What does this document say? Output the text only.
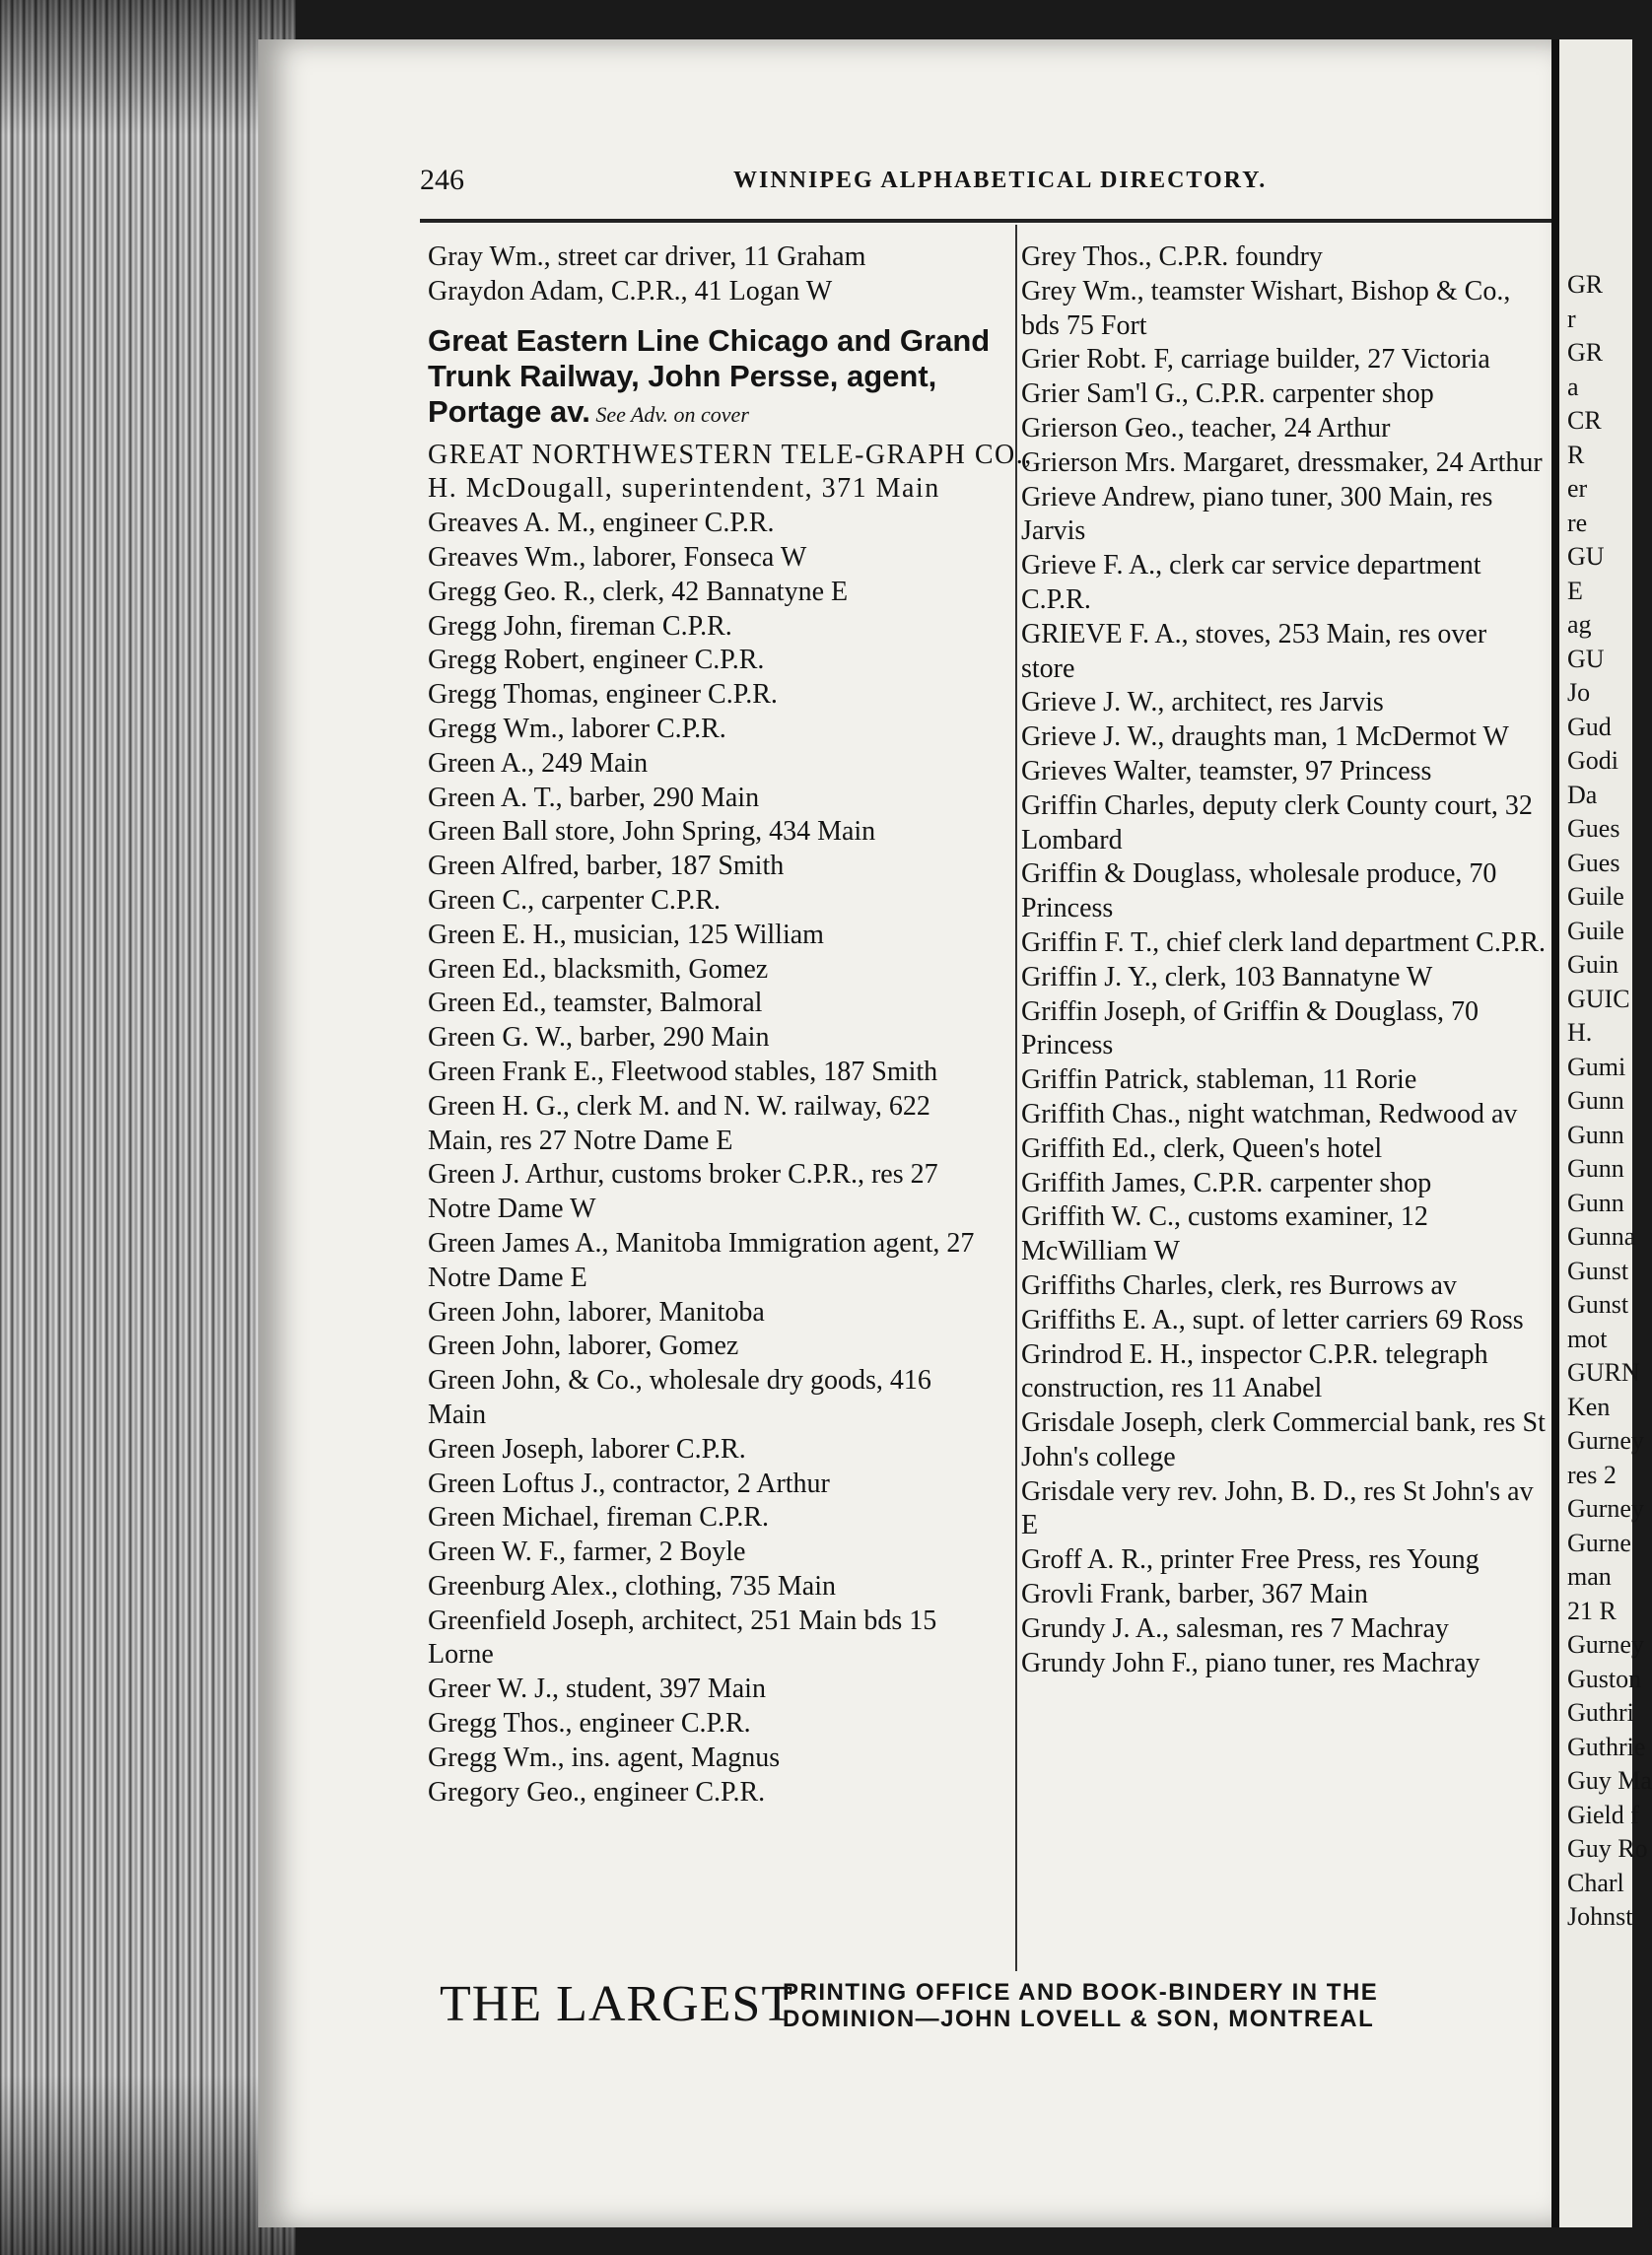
246	WINNIPEG ALPHABETICAL DIRECTORY.
Gray Wm., street car driver, 11 Graham
Graydon Adam, C.P.R., 41 Logan W
Great Eastern Line Chicago and Grand
Trunk Railway, John Persse, agent,
Portage av. See Adv. on cover
GREAT NORTHWESTERN TELE-GRAPH CO.,
H. McDougall, superintendent, 371 Main
Greaves A. M., engineer C.P.R.
Greaves Wm., laborer, Fonseca W
Gregg Geo. R., clerk, 42 Bannatyne E
Gregg John, fireman C.P.R.
Gregg Robert, engineer C.P.R.
Gregg Thomas, engineer C.P.R.
Gregg Wm., laborer C.P.R.
Green A., 249 Main
Green A. T., barber, 290 Main
Green Ball store, John Spring, 434 Main
Green Alfred, barber, 187 Smith
Green C., carpenter C.P.R.
Green E. H., musician, 125 William
Green Ed., blacksmith, Gomez
Green Ed., teamster, Balmoral
Green G. W., barber, 290 Main
Green Frank E., Fleetwood stables, 187 Smith
Green H. G., clerk M. and N. W. railway, 622
Main, res 27 Notre Dame E
Green J. Arthur, customs broker C.P.R., res 27
Notre Dame W
Green James A., Manitoba Immigration agent, 27
Notre Dame E
Green John, laborer, Manitoba
Green John, laborer, Gomez
Green John, & Co., wholesale dry goods, 416
Main
Green Joseph, laborer C.P.R.
Green Loftus J., contractor, 2 Arthur
Green Michael, fireman C.P.R.
Green W. F., farmer, 2 Boyle
Greenburg Alex., clothing, 735 Main
Greenfield Joseph, architect, 251 Main bds 15
Lorne
Greer W. J., student, 397 Main
Gregg Thos., engineer C.P.R.
Gregg Wm., ins. agent, Magnus
Gregory Geo., engineer C.P.R.
Grey Thos., C.P.R. foundry
Grey Wm., teamster Wishart, Bishop & Co.,
bds 75 Fort
Grier Robt. F, carriage builder, 27 Victoria
Grier Sam'l G., C.P.R. carpenter shop
Grierson Geo., teacher, 24 Arthur
Grierson Mrs. Margaret, dressmaker, 24 Arthur
Grieve Andrew, piano tuner, 300 Main, res
Jarvis
Grieve F. A., clerk car service department
C.P.R.
GRIEVE F. A., stoves, 253 Main, res over
store
Grieve J. W., architect, res Jarvis
Grieve J. W., draughts man, 1 McDermot W
Grieves Walter, teamster, 97 Princess
Griffin Charles, deputy clerk County court, 32
Lombard
Griffin & Douglass, wholesale produce, 70
Princess
Griffin F. T., chief clerk land department C.P.R.
Griffin J. Y., clerk, 103 Bannatyne W
Griffin Joseph, of Griffin & Douglass, 70
Princess
Griffin Patrick, stableman, 11 Rorie
Griffith Chas., night watchman, Redwood av
Griffith Ed., clerk, Queen's hotel
Griffith James, C.P.R. carpenter shop
Griffith W. C., customs examiner, 12
McWilliam W
Griffiths Charles, clerk, res Burrows av
Griffiths E. A., supt. of letter carriers 69 Ross
Grindrod E. H., inspector C.P.R. telegraph
construction, res 11 Anabel
Grisdale Joseph, clerk Commercial bank, res St
John's college
Grisdale very rev. John, B. D., res St John's av
E
Groff A. R., printer Free Press, res Young
Grovli Frank, barber, 367 Main
Grundy J. A., salesman, res 7 Machray
Grundy John F., piano tuner, res Machray
GR
r
GR
a
CR
R
er
re
GU
E
ag
GU
Jo
Gud
Godi
Da
Gues
Gues
Guile
Guile
Guin
GUIC
H.
Gumi
Gunn
Gunn
Gunn
Gunn
Gunna
Gunst
Gunst
mot
GURN
Ken
Gurney
res 2
Gurney
Gurne
man
21 R
Gurney
Guston
Guthri
Guthrie
Guy Ma
Gield f
Guy Ro
Charl
Johnst
THE LARGEST
PRINTING OFFICE AND BOOK-BINDERY IN THE
DOMINION—JOHN LOVELL & SON, MONTREAL
